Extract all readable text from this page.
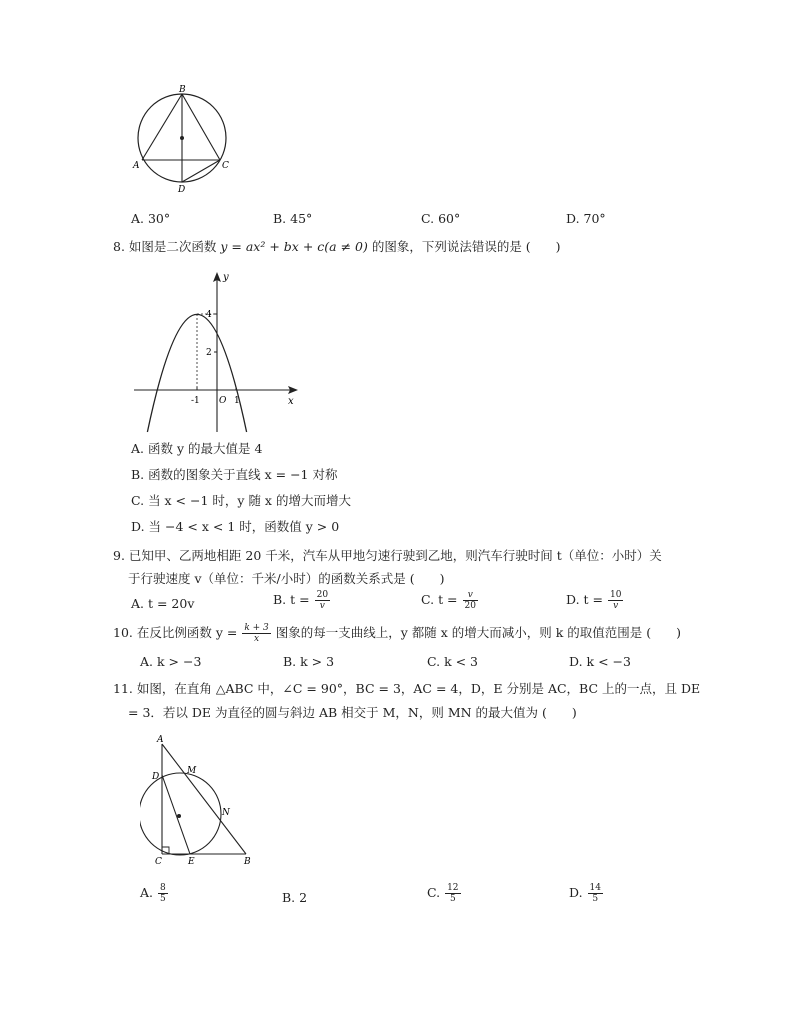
B
A	C
D
A. 30°	B. 45°	C. 60°	D. 70°
8. 如图是二次函数 y = ax² + bx + c(a ≠ 0) 的图象，下列说法错误的是 (　　)
y
x
4
2
-1 O 1
A. 函数 y 的最大值是 4
B. 函数的图象关于直线 x = −1 对称
C. 当 x < −1 时，y 随 x 的增大而增大
D. 当 −4 < x < 1 时，函数值 y > 0
9. 已知甲、乙两地相距 20 千米，汽车从甲地匀速行驶到乙地，则汽车行驶时间 t（单位：小时）关
于行驶速度 v（单位：千米/小时）的函数关系式是 (　　)
A. t = 20v	B. $t = \frac{20}{v}$	C. $t = \frac{v}{20}$	D. $t = \frac{10}{v}$
10. 在反比例函数 $y = \frac{k + 3}{x}$ 图象的每一支曲线上，y 都随 x 的增大而减小，则 k 的取值范围是 (　　)
A. k > −3	B. k > 3	C. k < 3	D. k < −3
11. 如图，在直角 △ABC 中，∠C = 90°，BC = 3，AC = 4，D，E 分别是 AC，BC 上的一点，且 DE
= 3．若以 DE 为直径的圆与斜边 AB 相交于 M，N，则 MN 的最大值为 (　　)
A
D
M
N
C	E	B
A. $\frac{8}{5}$	B. 2	C. $\frac{12}{5}$	D. $\frac{14}{5}$
